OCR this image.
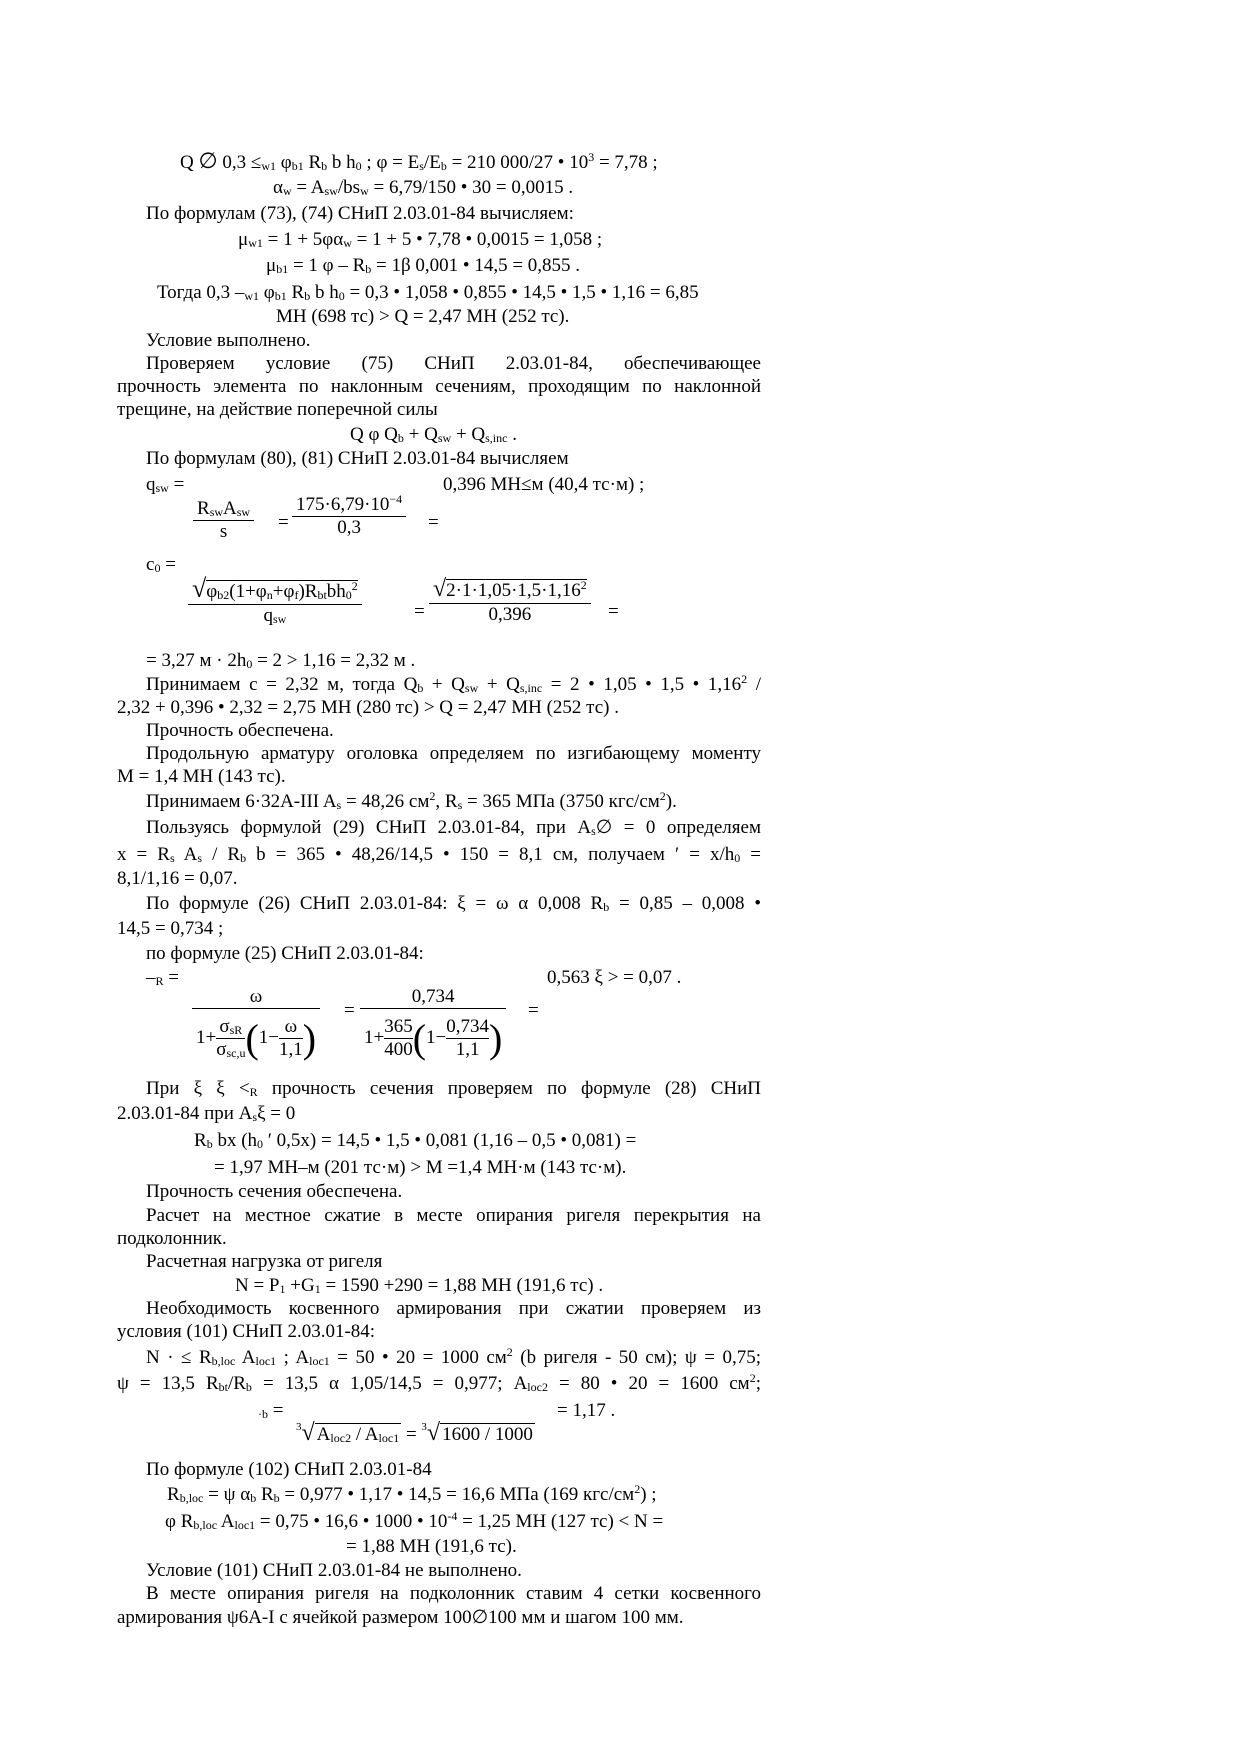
Q ∅ $0,3 \le_{w1}$ $\varphi_{b1}$ $R_b$ b $h_0$ ; $\varphi = E_s/E_b = 210$ 000/27 • $10^3 = 7,78$ ;
$\alpha_w = A_{sw}/bs_w = 6,79/150$ • 30 = 0,0015 .
По формулам (73), (74) СНиП 2.03.01-84 вычисляем:
$\mu_{w1} = 1 + 5\varphi\alpha_w = 1 + 5$ • 7,78 • 0,0015 = 1,058 ;
$\mu_{b1} = 1$ $\varphi - R_b = 1\beta$ 0,001 • 14,5 = 0,855 .
Тогда 0,3 $-_{w1}$ $\varphi_{b1}$ $R_b$ b $h_0 = 0,3$ • 1,058 • 0,855 • 14,5 • 1,5 • 1,16 = 6,85
МН (698 тс) > Q = 2,47 МН (252 тс).
Условие выполнено.
Проверяем условие (75) СНиП 2.03.01-84, обеспечивающее
прочность элемента по наклонным сечениям, проходящим по наклонной
трещине, на действие поперечной силы
Q φ $Q_b + Q_{sw} + Q_{s,inc}$ .
По формулам (80), (81) СНиП 2.03.01-84 вычисляем
$q_{sw}$ =	0,396 МН≤м (40,4 тс·м) ;
$R_{sw}A_{sw}$
s	=
$175\cdot 6,79\cdot 10^{-4}$
0,3	=
$c_0$ =
$√\varphi_{b2}(1+\varphi_n+\varphi_f)R_{bt}bh_0^2$
$q_{sw}$	=
$√2\cdot 1\cdot 1,05\cdot 1,5\cdot 1,16^2$
0,396	=
= 3,27 $м \cdot 2h_0 = 2 > 1,16 = 2,32$ м .
Принимаем с = 2,32 м, тогда $Q_b + Q_{sw} + Q_{s,inc} = 2$ • 1,05 • 1,5 • 1,16$^2$ /
2,32 + 0,396 • 2,32 = 2,75 МН (280 тс) > Q = 2,47 МН (252 тс) .
Прочность обеспечена.
Продольную арматуру оголовка определяем по изгибающему моменту
М = 1,4 МН (143 тс).
Принимаем 6·32А-III $A_s = 48,26$ $см^2$, $R_s = 365$ МПа (3750 кгс/$см^2$).
Пользуясь формулой (29) СНиП 2.03.01-84, при $A_s\emptyset = 0$ определяем
$x = R_s$ $A_s / R_b$ b = 365 • 48,26/14,5 • 150 = 8,1 см, получаем ′ = $x/h_0$ =
8,1/1,16 = 0,07.
По формуле (26) СНиП 2.03.01-84: ξ = ω α 0,008 $R_b = 0,85 - 0,008$ •
14,5 = 0,734 ;
по формуле (25) СНиП 2.03.01-84:
$-_R$ =	0,563 ξ > = 0,07 .
ω
1+
$\sigma_{sR}$
$\sigma_{sc,u}$ ($1- \frac{\omega}{1,1}$ )
=
0,734
$1+ \frac{365}{400} (1- \frac{0,734}{1,1}$ )
=
При ξ $\xi <_R$ прочность сечения проверяем по формуле (28) СНиП
2.03.01-84 при $A_s\xi = 0$
$R_b$ bx ($h_0$ ′ 0,5x) = 14,5 • 1,5 • 0,081 (1,16 – 0,5 • 0,081) =
= 1,97 МН–м (201 тс·м) > М =1,4 МН·м (143 тс·м).
Прочность сечения обеспечена.
Расчет на местное сжатие в месте опирания ригеля перекрытия на
подколонник.
Расчетная нагрузка от ригеля
$N = P_1 +G_1 = 1590 +290 = 1,88$ МН (191,6 тс) .
Необходимость косвенного армирования при сжатии проверяем из
условия (101) СНиП 2.03.01-84:
N · ≤ $R_{b,loc}$ $A_{loc1}$ ; $A_{loc1} = 50$ • 20 = 1000 $см^2$ (b ригеля - 50 см); ψ = 0,75;
ψ = 13,5 $R_{bt}/R_b = 13,5$ α 1,05/14,5 = 0,977; $A_{loc2} = 80$ • 20 = 1600 $см^2$;
$_{\cdot b}$ =	= 1,17 .
$^3$√ $A_{loc2} / A_{loc1} = ^3√$ 1600 / 1000
По формуле (102) СНиП 2.03.01-84
$R_{b,loc} = \psi$ $\alpha_b$ $R_b = 0,977$ • 1,17 • 14,5 = 16,6 МПа (169 кгс/$см^2$) ;
φ $R_{b,loc}$ $A_{loc1} = 0,75$ • 16,6 • 1000 • $10^{-4} = 1,25$ МН (127 тс) < N =
= 1,88 МН (191,6 тс).
Условие (101) СНиП 2.03.01-84 не выполнено.
В месте опирания ригеля на подколонник ставим 4 сетки косвенного
армирования ψ6А-I с ячейкой размером 100∅100 мм и шагом 100 мм.
